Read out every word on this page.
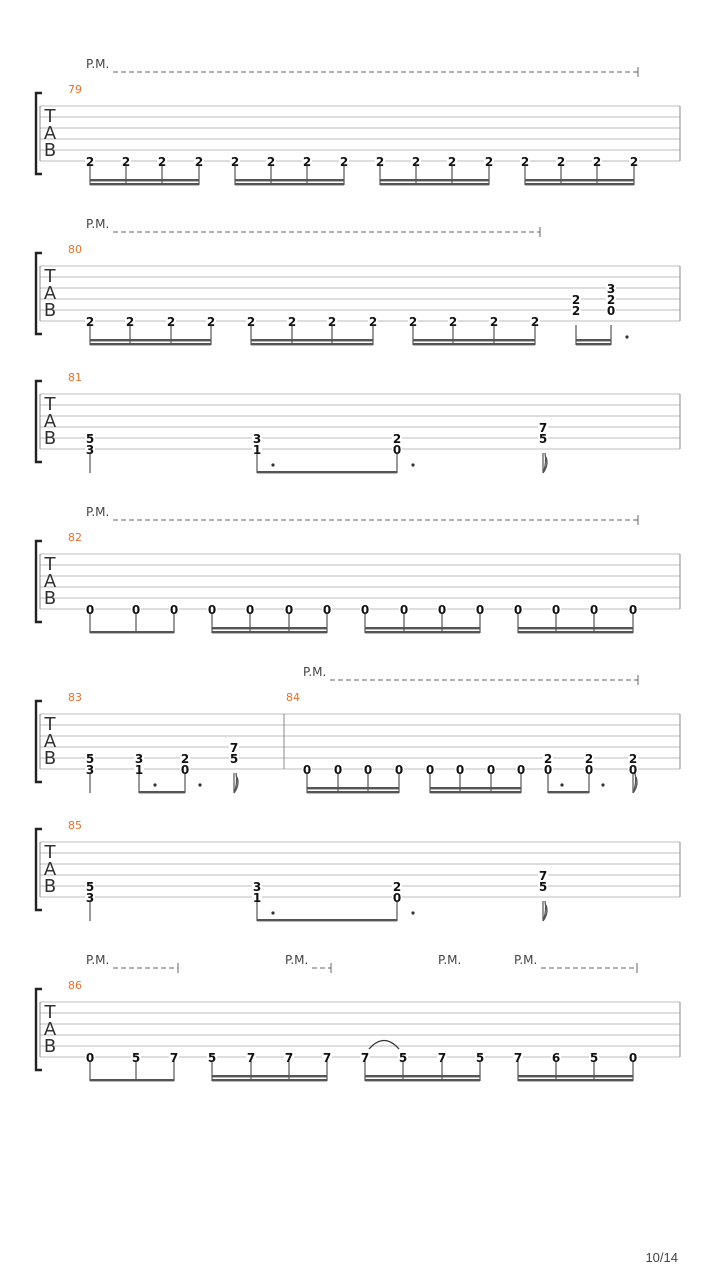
T
A
B
P.M.
79
2 2 2 2 2 2 2 2 2 2 2 2 2 2 2 2
T
A
B
P.M.
80
2	2	2	2	2	2	2	2	2	2	2	2
2
2
3
2
0
T
A
B
81
5
3
3
1
2
0
7
5
T
A
B
P.M.
82
0	0 0 0 0	0 0 0	0 0 0 0 0 0	0
T
A
B
P.M.
83
5
3
3
1
2
0
7
5
84
0 0 0 0 0 0 0 0
2
0
2
0
2
0
T
A
B
85
5
3
3
1
2
0
7
5
T
A
B
P.M.	P.M.	P.M.	P.M.
86
0	5 7 5	7 7 7 7 5	7 5 7 6 5	0
10/14
